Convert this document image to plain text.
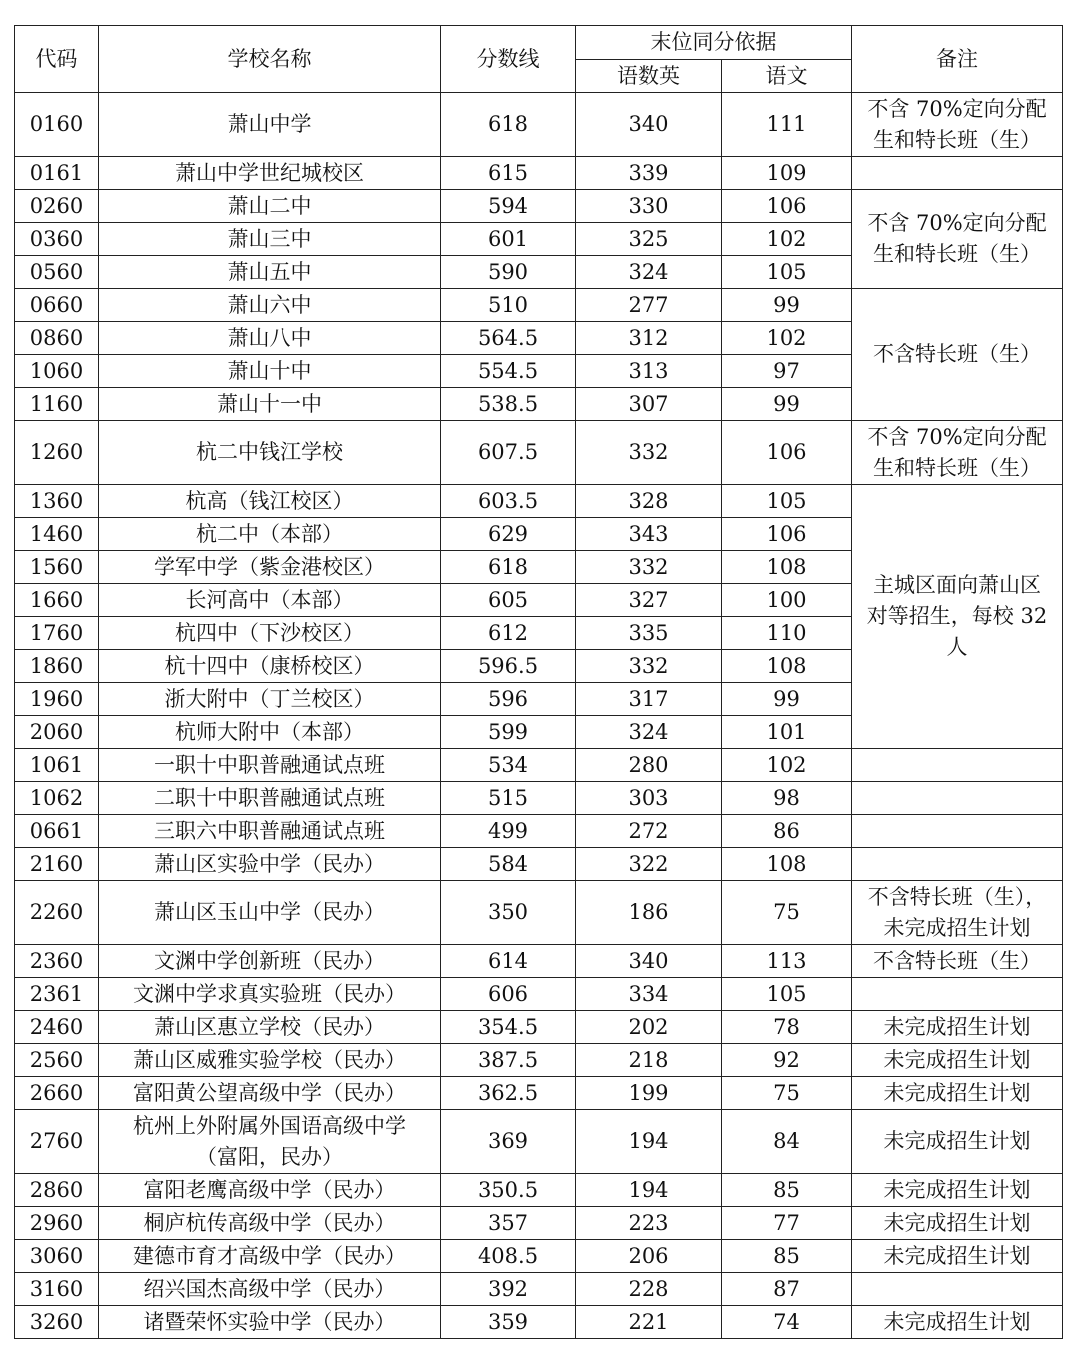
代码	学校名称	分数线	末位同分依据		备注
			语数英	语文	
0160	萧山中学	618	340	111	不含 70%定向分配
生和特长班（生）
0161	萧山中学世纪城校区	615	339	109	
0260	萧山二中	594	330	106	不含 70%定向分配
生和特长班（生）
0360	萧山三中	601	325	102	
0560	萧山五中	590	324	105	
0660	萧山六中	510	277	99	不含特长班（生）
0860	萧山八中	564.5	312	102	
1060	萧山十中	554.5	313	97	
1160	萧山十一中	538.5	307	99	
1260	杭二中钱江学校	607.5	332	106	不含 70%定向分配
生和特长班（生）
1360	杭高（钱江校区）	603.5	328	105	主城区面向萧山区
对等招生，每校 32
人
1460	杭二中（本部）	629	343	106	
1560	学军中学（紫金港校区）	618	332	108	
1660	长河高中（本部）	605	327	100	
1760	杭四中（下沙校区）	612	335	110	
1860	杭十四中（康桥校区）	596.5	332	108	
1960	浙大附中（丁兰校区）	596	317	99	
2060	杭师大附中（本部）	599	324	101	
1061	一职十中职普融通试点班	534	280	102	
1062	二职十中职普融通试点班	515	303	98	
0661	三职六中职普融通试点班	499	272	86	
2160	萧山区实验中学（民办）	584	322	108	
2260	萧山区玉山中学（民办）	350	186	75	不含特长班（生），
未完成招生计划
2360	文渊中学创新班（民办）	614	340	113	不含特长班（生）
2361	文渊中学求真实验班（民办）	606	334	105	
2460	萧山区惠立学校（民办）	354.5	202	78	未完成招生计划
2560	萧山区威雅实验学校（民办）	387.5	218	92	未完成招生计划
2660	富阳黄公望高级中学（民办）	362.5	199	75	未完成招生计划
2760	杭州上外附属外国语高级中学
（富阳，民办）	369	194	84	未完成招生计划
2860	富阳老鹰高级中学（民办）	350.5	194	85	未完成招生计划
2960	桐庐杭传高级中学（民办）	357	223	77	未完成招生计划
3060	建德市育才高级中学（民办）	408.5	206	85	未完成招生计划
3160	绍兴国杰高级中学（民办）	392	228	87	
3260	诸暨荣怀实验中学（民办）	359	221	74	未完成招生计划
